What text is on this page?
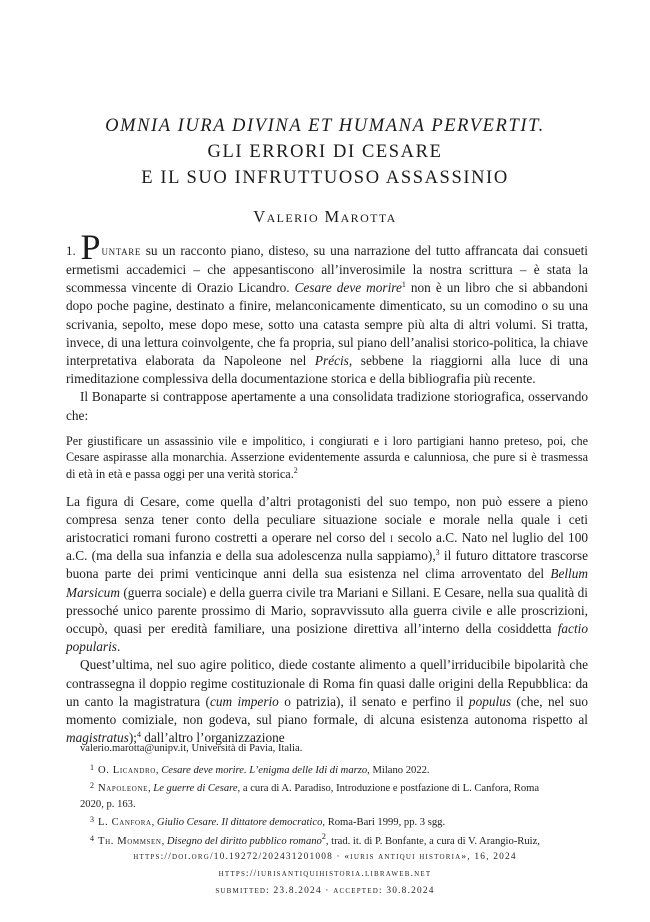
OMNIA IURA DIVINA ET HUMANA PERVERTIT.
GLI ERRORI DI CESARE
E IL SUO INFRUTTUOSO ASSASSINIO
Valerio Marotta

1. Puntare su un racconto piano, disteso, su una narrazione del tutto affrancata dai consueti ermetismi accademici – che appesantiscono all’inverosimile la nostra scrittura – è stata la scommessa vincente di Orazio Licandro. Cesare deve morire$^1$ non è un libro che si abbandoni dopo poche pagine, destinato a finire, melanconicamente dimenticato, su un comodino o su una scrivania, sepolto, mese dopo mese, sotto una catasta sempre più alta di altri volumi. Si tratta, invece, di una lettura coinvolgente, che fa propria, sul piano dell’analisi storico-politica, la chiave interpretativa elaborata da Napoleone nel Précis, sebbene la riaggiorni alla luce di una rimeditazione complessiva della documentazione storica e della bibliografia più recente.

Il Bonaparte si contrappose apertamente a una consolidata tradizione storiografica, osservando che:

Per giustificare un assassinio vile e impolitico, i congiurati e i loro partigiani hanno preteso, poi, che Cesare aspirasse alla monarchia. Asserzione evidentemente assurda e calunniosa, che pure si è trasmessa di età in età e passa oggi per una verità storica.$^2$

La figura di Cesare, come quella d’altri protagonisti del suo tempo, non può essere a pieno compresa senza tener conto della peculiare situazione sociale e morale nella quale i ceti aristocratici romani furono costretti a operare nel corso del i secolo a.C. Nato nel luglio del 100 a.C. (ma della sua infanzia e della sua adolescenza nulla sappiamo),$^3$ il futuro dittatore trascorse buona parte dei primi venticinque anni della sua esistenza nel clima arroventato del Bellum Marsicum (guerra sociale) e della guerra civile tra Mariani e Sillani. E Cesare, nella sua qualità di pressoché unico parente prossimo di Mario, sopravvissuto alla guerra civile e alle proscrizioni, occupò, quasi per eredità familiare, una posizione direttiva all’interno della cosiddetta factio popularis.

Quest’ultima, nel suo agire politico, diede costante alimento a quell’irriducibile bipolarità che contrassegna il doppio regime costituzionale di Roma fin quasi dalle origini della Repubblica: da un canto la magistratura (cum imperio o patrizia), il senato e perfino il populus (che, nel suo momento comiziale, non godeva, sul piano formale, di alcuna esistenza autonoma rispetto al magistratus);$^4$ dall’altro l’organizzazione

valerio.marotta@unipv.it, Università di Pavia, Italia.
1 O. Licandro, Cesare deve morire. L’enigma delle Idi di marzo, Milano 2022.
2 Napoleone, Le guerre di Cesare, a cura di A. Paradiso, Introduzione e postfazione di L. Canfora, Roma
2020, p. 163.
3 L. Canfora, Giulio Cesare. Il dittatore democratico, Roma-Bari 1999, pp. 3 sgg.
4 Th. Mommsen, Disegno del diritto pubblico romano$^2$, trad. it. di P. Bonfante, a cura di V. Arangio-Ruiz,
https://doi.org/10.19272/202431201008 · «iuris antiqui historia», 16, 2024
https://iurisantiquihistoria.libraweb.net
submitted: 23.8.2024 · accepted: 30.8.2024
